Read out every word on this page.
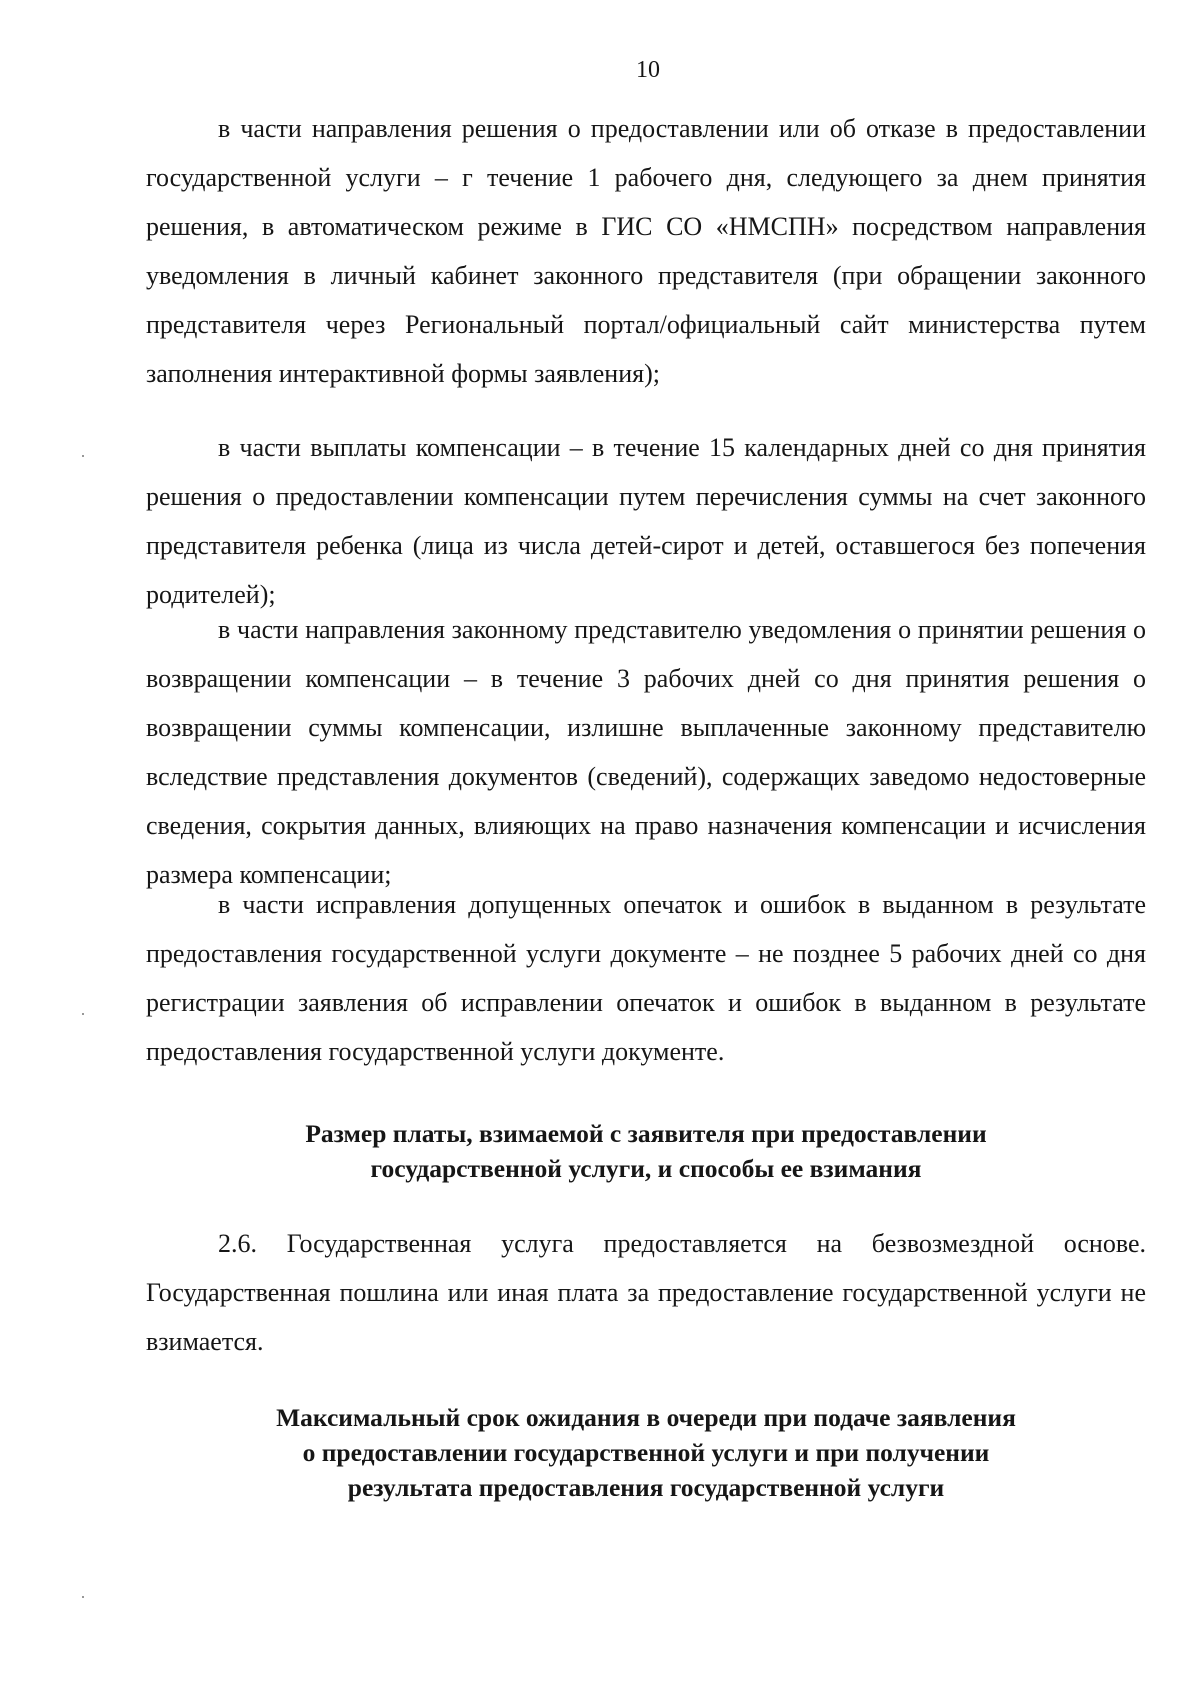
10

в части направления решения о предоставлении или об отказе в предоставлении государственной услуги – г течение 1 рабочего дня, следующего за днем принятия решения, в автоматическом режиме в ГИС СО «НМСПН» посредством направления уведомления в личный кабинет законного представителя (при обращении законного представителя через Региональный портал/официальный сайт министерства путем заполнения интерактивной формы заявления);

в части выплаты компенсации – в течение 15 календарных дней со дня принятия решения о предоставлении компенсации путем перечисления суммы на счет законного представителя ребенка (лица из числа детей-сирот и детей, оставшегося без попечения родителей);

в части направления законному представителю уведомления о принятии решения о возвращении компенсации – в течение 3 рабочих дней со дня принятия решения о возвращении суммы компенсации, излишне выплаченные законному представителю вследствие представления документов (сведений), содержащих заведомо недостоверные сведения, сокрытия данных, влияющих на право назначения компенсации и исчисления размера компенсации;

в части исправления допущенных опечаток и ошибок в выданном в результате предоставления государственной услуги документе – не позднее 5 рабочих дней со дня регистрации заявления об исправлении опечаток и ошибок в выданном в результате предоставления государственной услуги документе.

Размер платы, взимаемой с заявителя при предоставлении
государственной услуги, и способы ее взимания

2.6. Государственная услуга предоставляется на безвозмездной основе. Государственная пошлина или иная плата за предоставление государственной услуги не взимается.

Максимальный срок ожидания в очереди при подаче заявления
о предоставлении государственной услуги и при получении
результата предоставления государственной услуги
